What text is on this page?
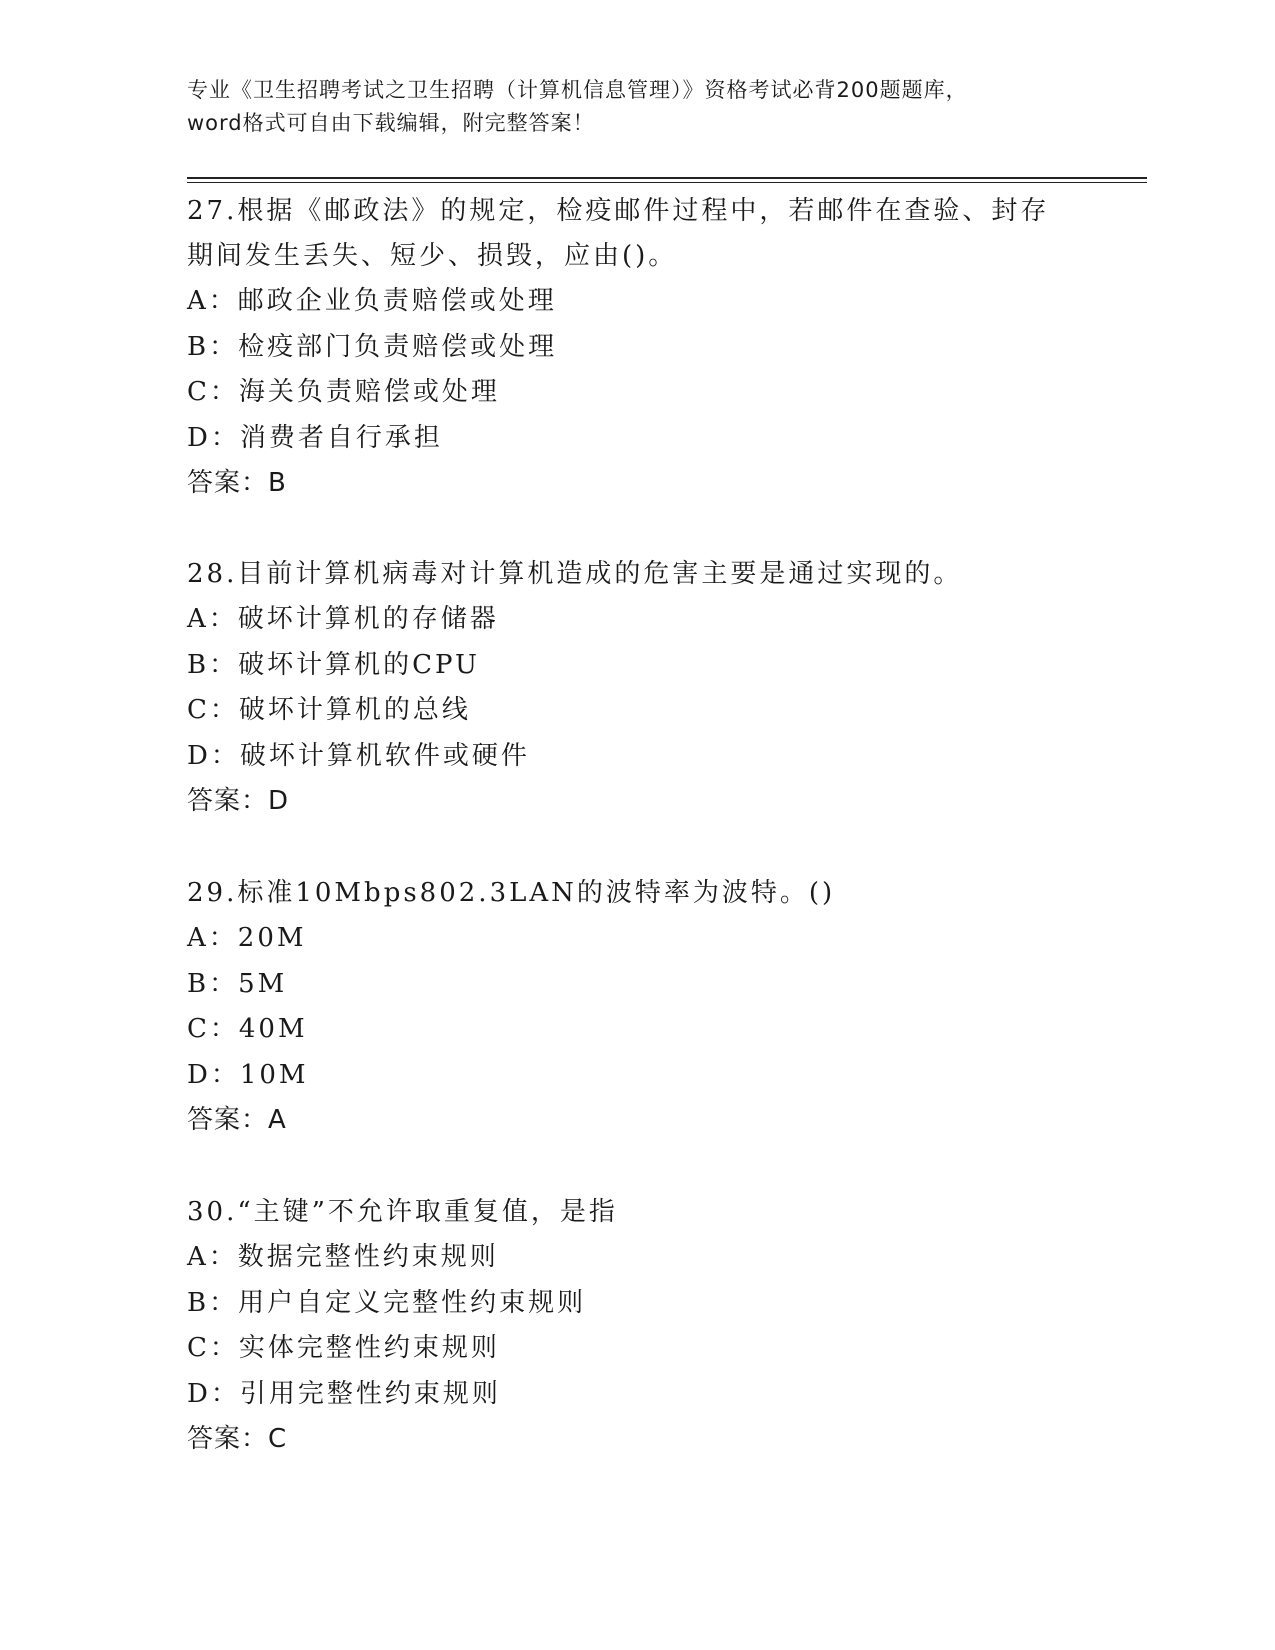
专业《卫生招聘考试之卫生招聘（计算机信息管理）》资格考试必背200题题库，
word格式可自由下载编辑，附完整答案！

27.根据《邮政法》的规定，检疫邮件过程中，若邮件在查验、封存期间发生丢失、短少、损毁，应由()。

A：邮政企业负责赔偿或处理

B：检疫部门负责赔偿或处理

C：海关负责赔偿或处理

D：消费者自行承担

答案：B

28.目前计算机病毒对计算机造成的危害主要是通过实现的。

A：破坏计算机的存储器

B：破坏计算机的CPU

C：破坏计算机的总线

D：破坏计算机软件或硬件

答案：D

29.标准10Mbps802.3LAN的波特率为波特。()

A：20M

B：5M

C：40M

D：10M

答案：A

30.“主键”不允许取重复值，是指

A：数据完整性约束规则

B：用户自定义完整性约束规则

C：实体完整性约束规则

D：引用完整性约束规则

答案：C
